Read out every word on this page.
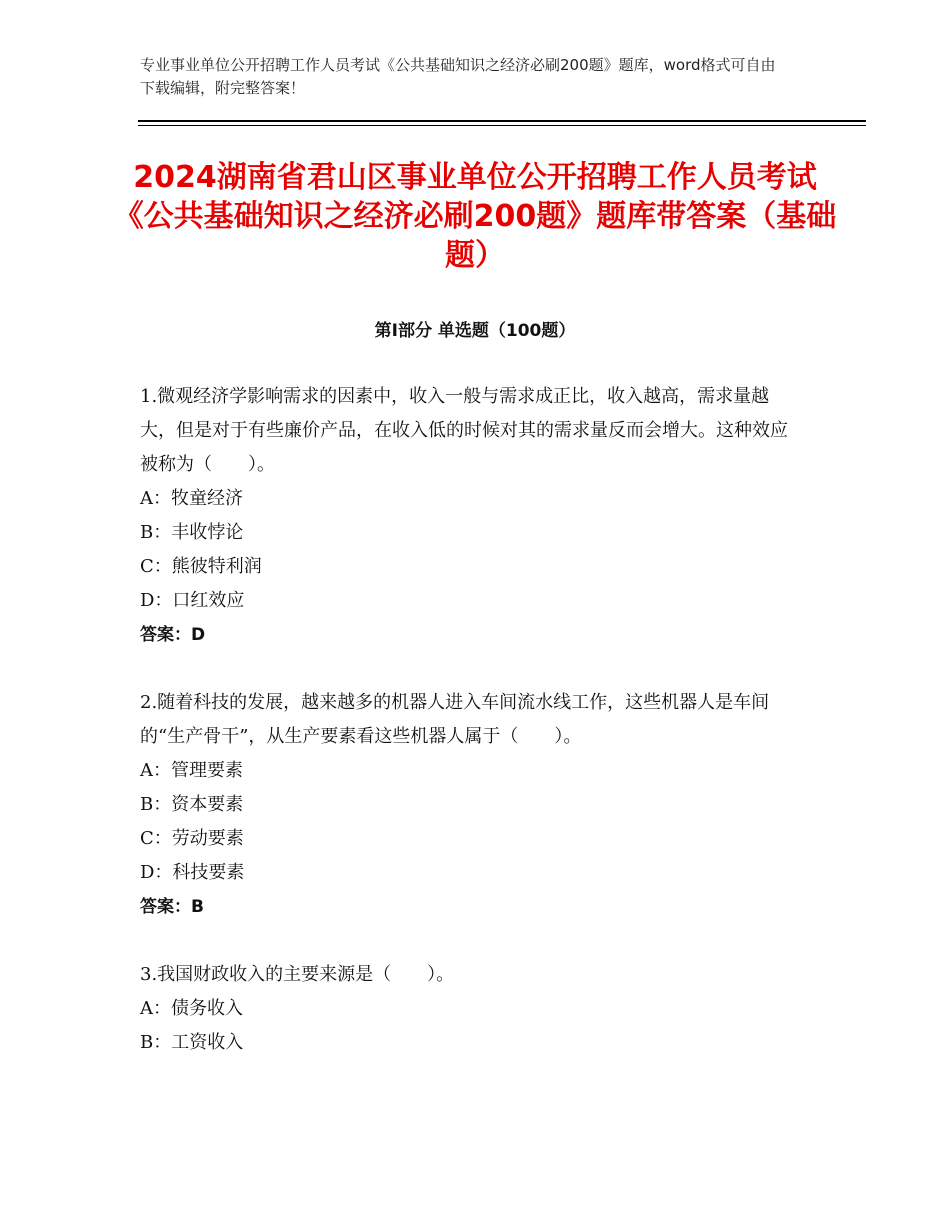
专业事业单位公开招聘工作人员考试《公共基础知识之经济必刷200题》题库，word格式可自由下载编辑，附完整答案！
2024湖南省君山区事业单位公开招聘工作人员考试《公共基础知识之经济必刷200题》题库带答案（基础题）
第Ⅰ部分 单选题（100题）

1.微观经济学影响需求的因素中，收入一般与需求成正比，收入越高，需求量越大，但是对于有些廉价产品，在收入低的时候对其的需求量反而会增大。这种效应被称为（　　）。

A：牧童经济

B：丰收悖论

C：熊彼特利润

D：口红效应

答案：D

2.随着科技的发展，越来越多的机器人进入车间流水线工作，这些机器人是车间的“生产骨干”，从生产要素看这些机器人属于（　　）。

A：管理要素

B：资本要素

C：劳动要素

D：科技要素

答案：B

3.我国财政收入的主要来源是（　　）。

A：债务收入

B：工资收入
